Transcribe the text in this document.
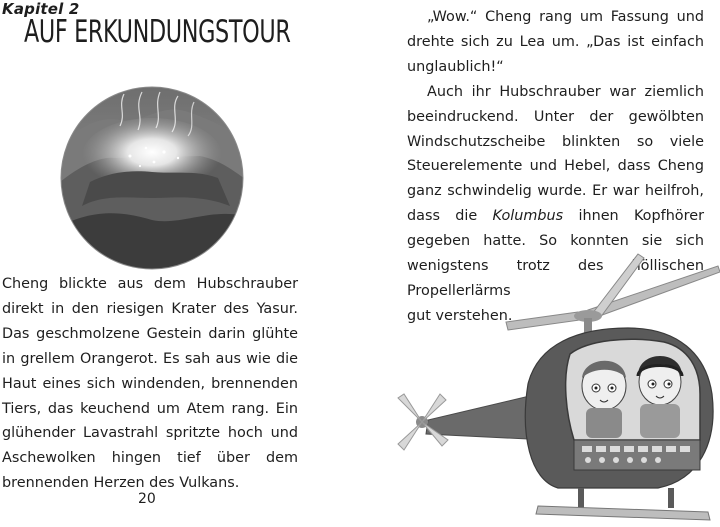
Kapitel 2
AUF ERKUNDUNGSTOUR

Cheng blickte aus dem Hubschrauber direkt in den riesigen Krater des Yasur. Das geschmolzene Gestein darin glühte in grellem Orangerot. Es sah aus wie die Haut eines sich windenden, brennenden Tiers, das keuchend um Atem rang. Ein glühender Lavastrahl spritzte hoch und Aschewolken hingen tief über dem brennenden Herzen des Vulkans.

20

„Wow.“ Cheng rang um Fassung und drehte sich zu Lea um. „Das ist einfach unglaublich!“

Auch ihr Hubschrauber war ziemlich beeindruckend. Unter der gewölbten Windschutzscheibe blinkten so viele Steuerelemente und Hebel, dass Cheng ganz schwindelig wurde. Er war heilfroh, dass die Kolumbus ihnen Kopfhörer gegeben hatte. So konnten sie sich wenigstens trotz des höllischen Propellerlärms

gut verstehen.
